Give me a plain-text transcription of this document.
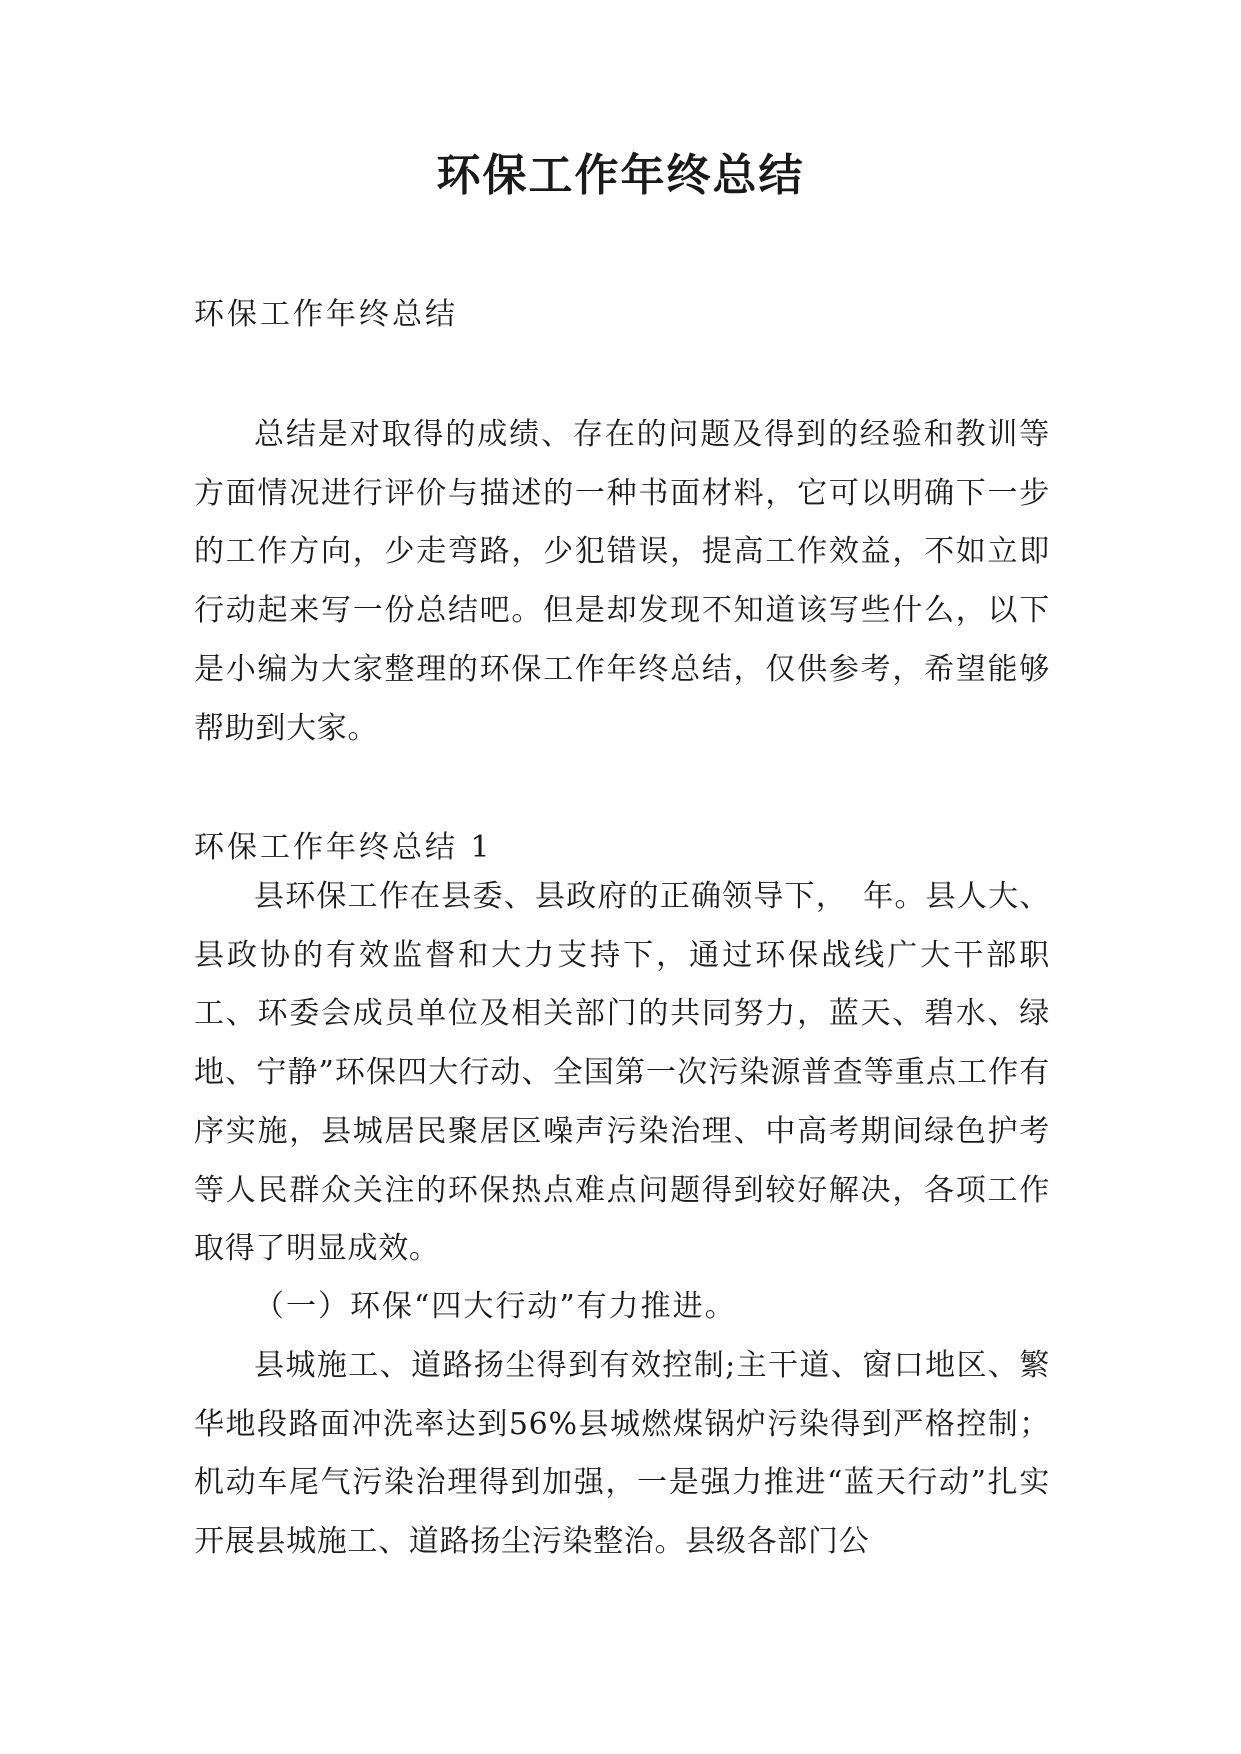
环保工作年终总结
环保工作年终总结
总结是对取得的成绩、存在的问题及得到的经验和教训等方面情况进行评价与描述的一种书面材料，它可以明确下一步的工作方向，少走弯路，少犯错误，提高工作效益，不如立即行动起来写一份总结吧。但是却发现不知道该写些什么，以下是小编为大家整理的环保工作年终总结，仅供参考，希望能够帮助到大家。
环保工作年终总结 1
县环保工作在县委、县政府的正确领导下，　年。县人大、县政协的有效监督和大力支持下，通过环保战线广大干部职工、环委会成员单位及相关部门的共同努力，蓝天、碧水、绿地、宁静”环保四大行动、全国第一次污染源普查等重点工作有序实施，县城居民聚居区噪声污染治理、中高考期间绿色护考等人民群众关注的环保热点难点问题得到较好解决，各项工作取得了明显成效。
（一）环保“四大行动”有力推进。
县城施工、道路扬尘得到有效控制;主干道、窗口地区、繁华地段路面冲洗率达到56%县城燃煤锅炉污染得到严格控制；机动车尾气污染治理得到加强，一是强力推进“蓝天行动”扎实开展县城施工、道路扬尘污染整治。县级各部门公
